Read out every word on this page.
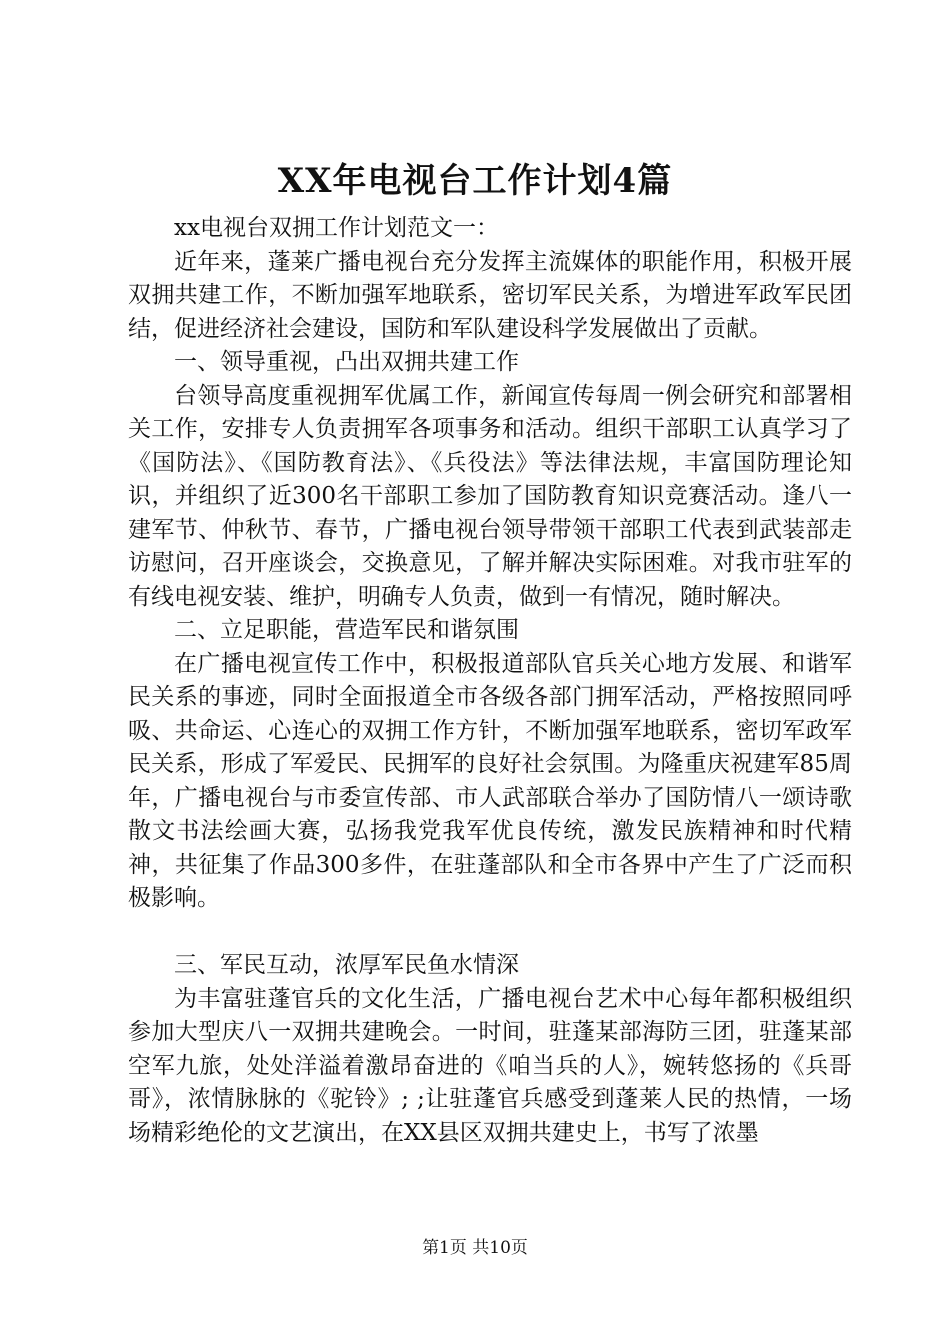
XX年电视台工作计划4篇

xx电视台双拥工作计划范文一：

近年来，蓬莱广播电视台充分发挥主流媒体的职能作用，积极开展双拥共建工作，不断加强军地联系，密切军民关系，为增进军政军民团结，促进经济社会建设，国防和军队建设科学发展做出了贡献。

一、领导重视，凸出双拥共建工作

台领导高度重视拥军优属工作，新闻宣传每周一例会研究和部署相关工作，安排专人负责拥军各项事务和活动。组织干部职工认真学习了《国防法》、《国防教育法》、《兵役法》等法律法规，丰富国防理论知识，并组织了近300名干部职工参加了国防教育知识竞赛活动。逢八一建军节、仲秋节、春节，广播电视台领导带领干部职工代表到武装部走访慰问，召开座谈会，交换意见，了解并解决实际困难。对我市驻军的有线电视安装、维护，明确专人负责，做到一有情况，随时解决。

二、立足职能，营造军民和谐氛围

在广播电视宣传工作中，积极报道部队官兵关心地方发展、和谐军民关系的事迹，同时全面报道全市各级各部门拥军活动，严格按照同呼吸、共命运、心连心的双拥工作方针，不断加强军地联系，密切军政军民关系，形成了军爱民、民拥军的良好社会氛围。为隆重庆祝建军85周年，广播电视台与市委宣传部、市人武部联合举办了国防情八一颂诗歌散文书法绘画大赛，弘扬我党我军优良传统，激发民族精神和时代精神，共征集了作品300多件，在驻蓬部队和全市各界中产生了广泛而积极影响。

三、军民互动，浓厚军民鱼水情深

为丰富驻蓬官兵的文化生活，广播电视台艺术中心每年都积极组织参加大型庆八一双拥共建晚会。一时间，驻蓬某部海防三团，驻蓬某部空军九旅，处处洋溢着激昂奋进的《咱当兵的人》，婉转悠扬的《兵哥哥》，浓情脉脉的《驼铃》; ;让驻蓬官兵感受到蓬莱人民的热情，一场场精彩绝伦的文艺演出，在XX县区双拥共建史上，书写了浓墨

第1页 共10页
